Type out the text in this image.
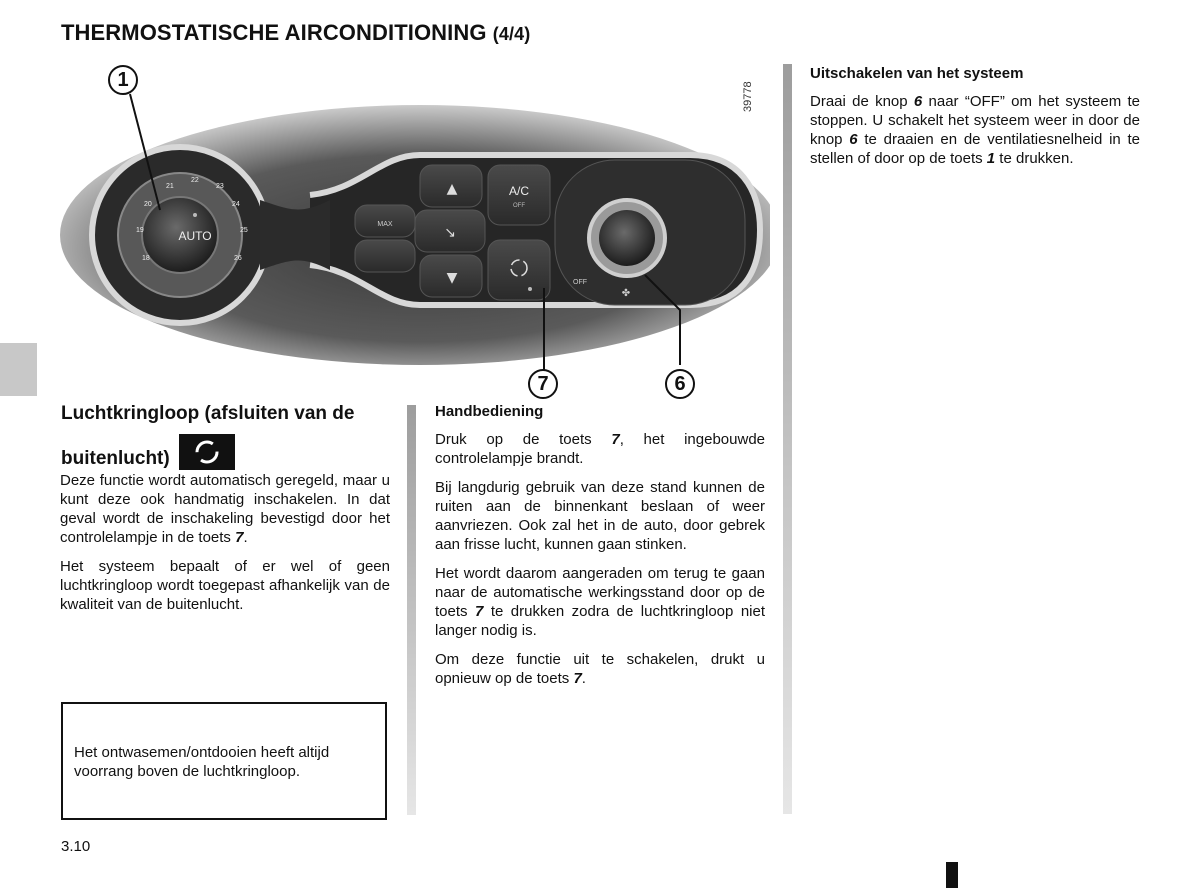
THERMOSTATISCHE AIRCONDITIONING (4/4)
AUTO
18
19
20
21
22
23
24
25
26
MAX
▲
↘
▼
A/C
OFF
OFF
✤
39778
1
7	6
Luchtkringloop (afsluiten van de
buitenlucht)

Deze functie wordt automatisch geregeld, maar u kunt deze ook handmatig inschakelen. In dat geval wordt de inschakeling bevestigd door het controlelampje in de toets 7.

Het systeem bepaalt of er wel of geen luchtkringloop wordt toegepast afhankelijk van de kwaliteit van de buitenlucht.

Het ontwasemen/ontdooien heeft altijd voorrang boven de luchtkringloop.

Handbediening

Druk op de toets 7, het ingebouwde controlelampje brandt.

Bij langdurig gebruik van deze stand kunnen de ruiten aan de binnenkant beslaan of weer aanvriezen. Ook zal het in de auto, door gebrek aan frisse lucht, kunnen gaan stinken.

Het wordt daarom aangeraden om terug te gaan naar de automatische werkingsstand door op de toets 7 te drukken zodra de luchtkringloop niet langer nodig is.

Om deze functie uit te schakelen, drukt u opnieuw op de toets 7.

Uitschakelen van het systeem

Draai de knop 6 naar “OFF” om het systeem te stoppen. U schakelt het systeem weer in door de knop 6 te draaien en de ventilatiesnelheid in te stellen of door op de toets 1 te drukken.

3.10
